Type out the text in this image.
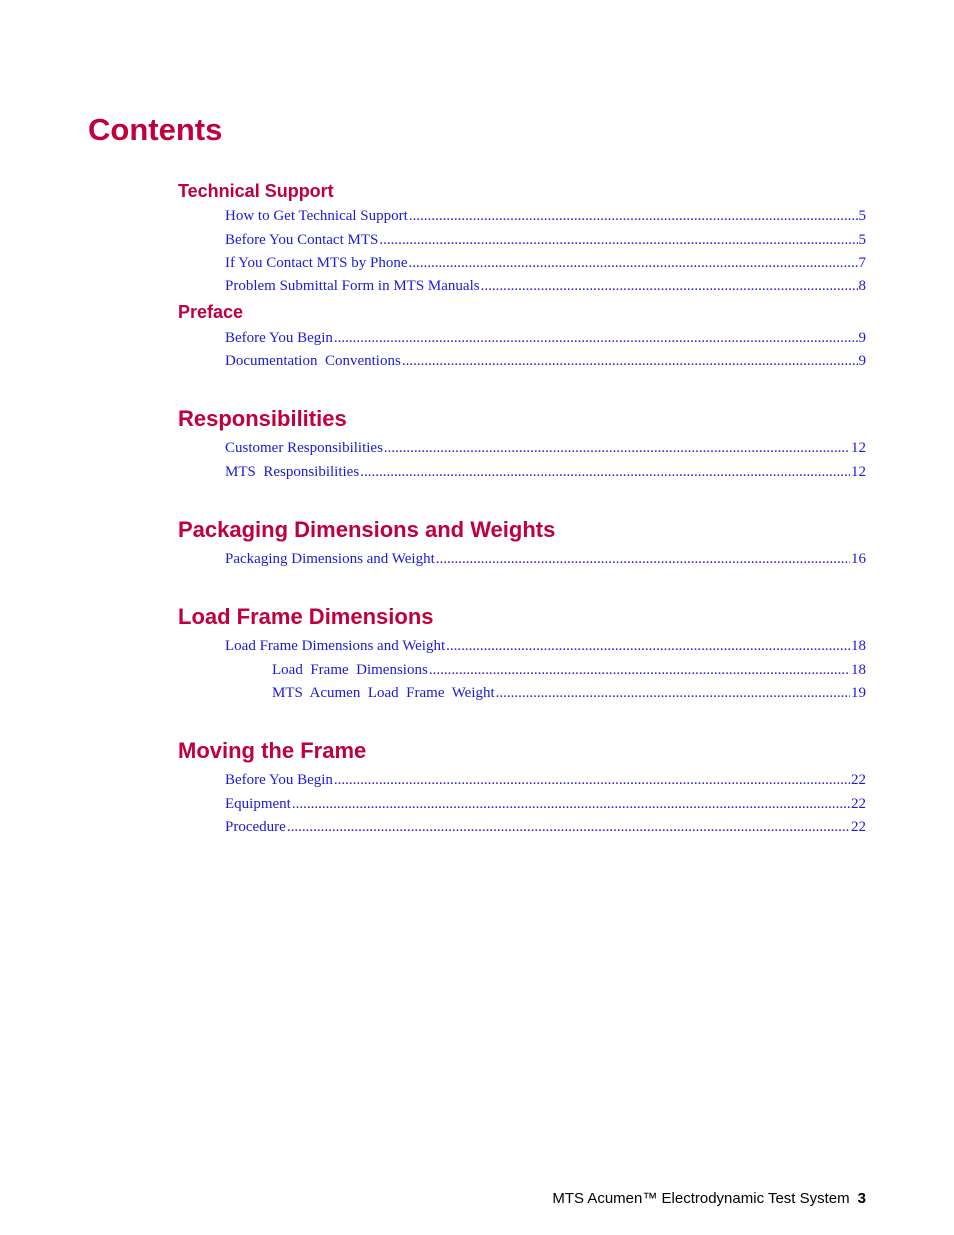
Contents
Technical Support
How to Get Technical Support .....	5
Before You Contact MTS .....	5
If You Contact MTS by Phone .....	7
Problem Submittal Form in MTS Manuals .....	8
Preface
Before You Begin .....	9
Documentation  Conventions .....	9
Responsibilities
Customer Responsibilities .....	12
MTS  Responsibilities .....	12
Packaging Dimensions and Weights
Packaging Dimensions and Weight .....	16
Load Frame Dimensions
Load Frame Dimensions and Weight .....	18
Load  Frame  Dimensions .....	18
MTS  Acumen  Load  Frame  Weight .....	19
Moving the Frame
Before You Begin .....	22
Equipment .....	22
Procedure .....	22
MTS Acumen™ Electrodynamic Test System 3
